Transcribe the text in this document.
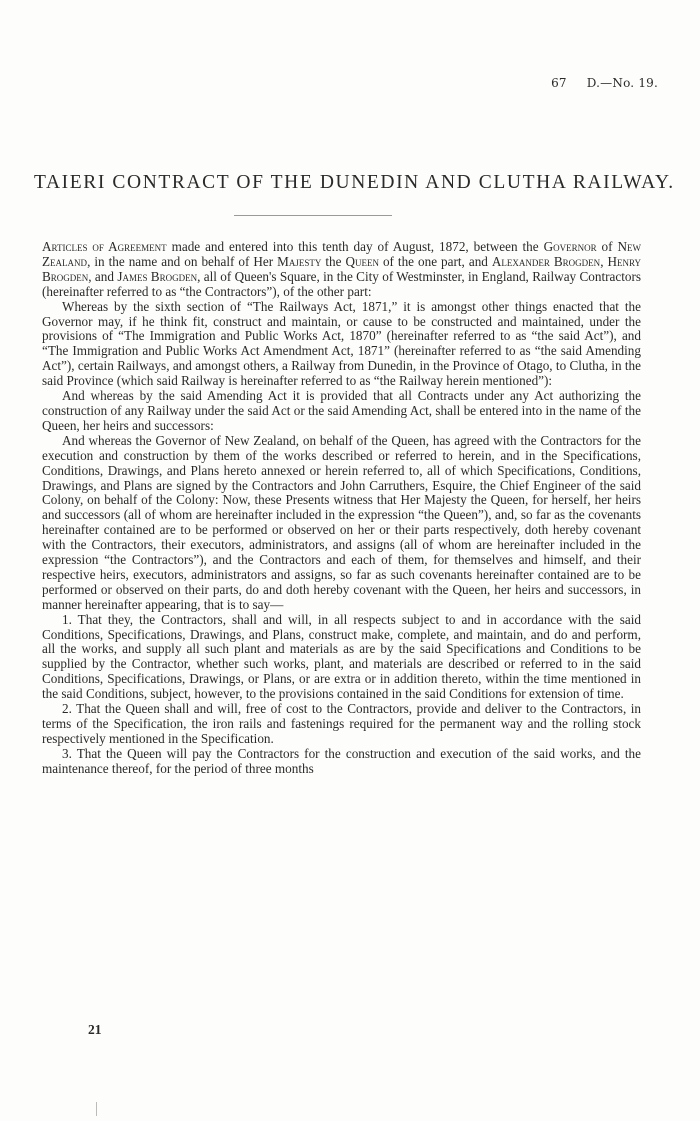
67 D.—No. 19.
TAIERI CONTRACT OF THE DUNEDIN AND CLUTHA RAILWAY.

Articles of Agreement made and entered into this tenth day of August, 1872, between the Governor of New Zealand, in the name and on behalf of Her Majesty the Queen of the one part, and Alexander Brogden, Henry Brogden, and James Brogden, all of Queen's Square, in the City of Westminster, in England, Railway Contractors (hereinafter referred to as “the Contractors”), of the other part:

Whereas by the sixth section of “The Railways Act, 1871,” it is amongst other things enacted that the Governor may, if he think fit, construct and maintain, or cause to be constructed and maintained, under the provisions of “The Immigration and Public Works Act, 1870” (hereinafter referred to as “the said Act”), and “The Immigration and Public Works Act Amendment Act, 1871” (hereinafter referred to as “the said Amending Act”), certain Railways, and amongst others, a Railway from Dunedin, in the Province of Otago, to Clutha, in the said Province (which said Railway is hereinafter referred to as “the Railway herein mentioned”):

And whereas by the said Amending Act it is provided that all Contracts under any Act authorizing the construction of any Railway under the said Act or the said Amending Act, shall be entered into in the name of the Queen, her heirs and successors:

And whereas the Governor of New Zealand, on behalf of the Queen, has agreed with the Contractors for the execution and construction by them of the works described or referred to herein, and in the Specifications, Conditions, Drawings, and Plans hereto annexed or herein referred to, all of which Specifications, Conditions, Drawings, and Plans are signed by the Contractors and John Carruthers, Esquire, the Chief Engineer of the said Colony, on behalf of the Colony: Now, these Presents witness that Her Majesty the Queen, for herself, her heirs and successors (all of whom are hereinafter included in the expression “the Queen”), and, so far as the covenants hereinafter contained are to be performed or observed on her or their parts respectively, doth hereby covenant with the Contractors, their executors, administrators, and assigns (all of whom are hereinafter included in the expression “the Contractors”), and the Contractors and each of them, for themselves and himself, and their respective heirs, executors, administrators and assigns, so far as such covenants hereinafter contained are to be performed or observed on their parts, do and doth hereby covenant with the Queen, her heirs and successors, in manner hereinafter appearing, that is to say—

1. That they, the Contractors, shall and will, in all respects subject to and in accordance with the said Conditions, Specifications, Drawings, and Plans, construct make, complete, and maintain, and do and perform, all the works, and supply all such plant and materials as are by the said Specifications and Conditions to be supplied by the Contractor, whether such works, plant, and materials are described or referred to in the said Conditions, Specifications, Drawings, or Plans, or are extra or in addition thereto, within the time mentioned in the said Conditions, subject, however, to the provisions contained in the said Conditions for extension of time.

2. That the Queen shall and will, free of cost to the Contractors, provide and deliver to the Contractors, in terms of the Specification, the iron rails and fastenings required for the permanent way and the rolling stock respectively mentioned in the Specification.

3. That the Queen will pay the Contractors for the construction and execution of the said works, and the maintenance thereof, for the period of three months

21
